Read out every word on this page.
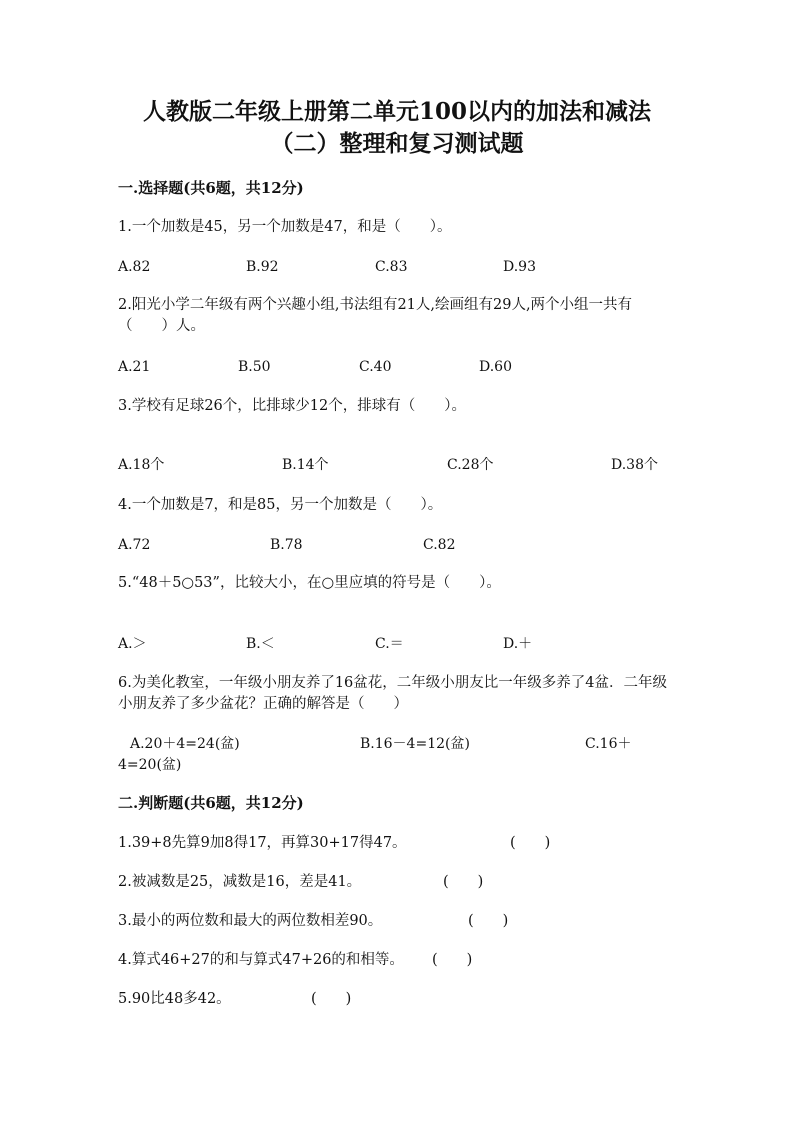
人教版二年级上册第二单元100以内的加法和减法
（二）整理和复习测试题
一.选择题(共6题，共12分)
1.一个加数是45，另一个加数是47，和是（　　）。
A.82	B.92	C.83	D.93
2.阳光小学二年级有两个兴趣小组,书法组有21人,绘画组有29人,两个小组一共有（　　）人。
A.21	B.50	C.40	D.60
3.学校有足球26个，比排球少12个，排球有（　　）。
A.18个	B.14个	C.28个	D.38个
4.一个加数是7，和是85，另一个加数是（　　）。
A.72	B.78	C.82
5.“48＋5○53”，比较大小，在○里应填的符号是（　　）。
A.＞	B.＜	C.＝	D.＋
6.为美化教室，一年级小朋友养了16盆花，二年级小朋友比一年级多养了4盆．二年级小朋友养了多少盆花？正确的解答是（　　）
A.20＋4=24(盆)	B.16－4=12(盆)	C.16＋
4=20(盆)
二.判断题(共6题，共12分)
1.39+8先算9加8得17，再算30+17得47。	(　　)
2.被减数是25，减数是16，差是41。	(　　)
3.最小的两位数和最大的两位数相差90。	(　　)
4.算式46+27的和与算式47+26的和相等。	(　　)
5.90比48多42。	(　　)
